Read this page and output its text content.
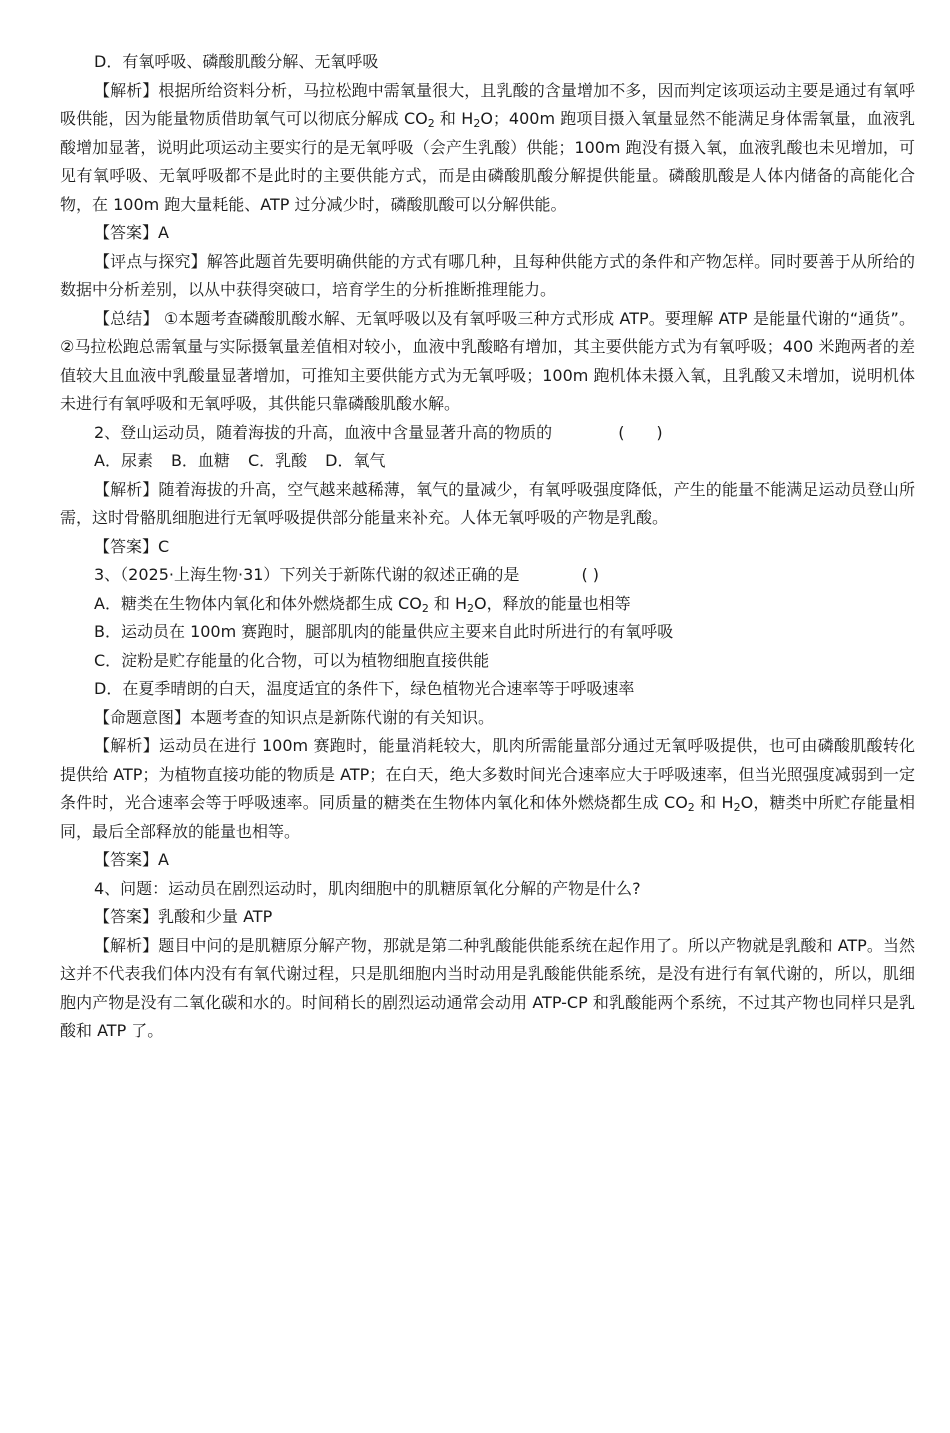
D．有氧呼吸、磷酸肌酸分解、无氧呼吸

【解析】根据所给资料分析，马拉松跑中需氧量很大，且乳酸的含量增加不多，因而判定该项运动主要是通过有氧呼吸供能，因为能量物质借助氧气可以彻底分解成 $CO_2$ 和 $H_2O$；400m 跑项目摄入氧量显然不能满足身体需氧量，血液乳酸增加显著，说明此项运动主要实行的是无氧呼吸（会产生乳酸）供能；100m 跑没有摄入氧，血液乳酸也未见增加，可见有氧呼吸、无氧呼吸都不是此时的主要供能方式，而是由磷酸肌酸分解提供能量。磷酸肌酸是人体内储备的高能化合物，在 100m 跑大量耗能、ATP 过分减少时，磷酸肌酸可以分解供能。

【答案】A

【评点与探究】解答此题首先要明确供能的方式有哪几种，且每种供能方式的条件和产物怎样。同时要善于从所给的数据中分析差别，以从中获得突破口，培育学生的分析推断推理能力。

【总结】 ①本题考查磷酸肌酸水解、无氧呼吸以及有氧呼吸三种方式形成 ATP。要理解 ATP 是能量代谢的“通货”。②马拉松跑总需氧量与实际摄氧量差值相对较小，血液中乳酸略有增加，其主要供能方式为有氧呼吸；400 米跑两者的差值较大且血液中乳酸量显著增加，可推知主要供能方式为无氧呼吸；100m 跑机体未摄入氧，且乳酸又未增加，说明机体未进行有氧呼吸和无氧呼吸，其供能只靠磷酸肌酸水解。

2、登山运动员，随着海拔的升高，血液中含量显著升高的物质的	(　　)

A．尿素 B．血糖 C．乳酸 D．氧气

【解析】随着海拔的升高，空气越来越稀薄，氧气的量减少，有氧呼吸强度降低，产生的能量不能满足运动员登山所需，这时骨骼肌细胞进行无氧呼吸提供部分能量来补充。人体无氧呼吸的产物是乳酸。

【答案】C

3、（2025·上海生物·31）下列关于新陈代谢的叙述正确的是	( )

A．糖类在生物体内氧化和体外燃烧都生成 $CO_2$ 和 $H_2O$，释放的能量也相等

B．运动员在 100m 赛跑时，腿部肌肉的能量供应主要来自此时所进行的有氧呼吸

C．淀粉是贮存能量的化合物，可以为植物细胞直接供能

D．在夏季晴朗的白天，温度适宜的条件下，绿色植物光合速率等于呼吸速率

【命题意图】本题考查的知识点是新陈代谢的有关知识。

【解析】运动员在进行 100m 赛跑时，能量消耗较大，肌肉所需能量部分通过无氧呼吸提供，也可由磷酸肌酸转化提供给 ATP；为植物直接功能的物质是 ATP；在白天，绝大多数时间光合速率应大于呼吸速率，但当光照强度减弱到一定条件时，光合速率会等于呼吸速率。同质量的糖类在生物体内氧化和体外燃烧都生成 $CO_2$ 和 $H_2O$，糖类中所贮存能量相同，最后全部释放的能量也相等。

【答案】A

4、问题：运动员在剧烈运动时，肌肉细胞中的肌糖原氧化分解的产物是什么?

【答案】乳酸和少量 ATP

【解析】题目中问的是肌糖原分解产物，那就是第二种乳酸能供能系统在起作用了。所以产物就是乳酸和 ATP。当然这并不代表我们体内没有有氧代谢过程，只是肌细胞内当时动用是乳酸能供能系统，是没有进行有氧代谢的，所以，肌细胞内产物是没有二氧化碳和水的。时间稍长的剧烈运动通常会动用 ATP-CP 和乳酸能两个系统，不过其产物也同样只是乳酸和 ATP 了。
